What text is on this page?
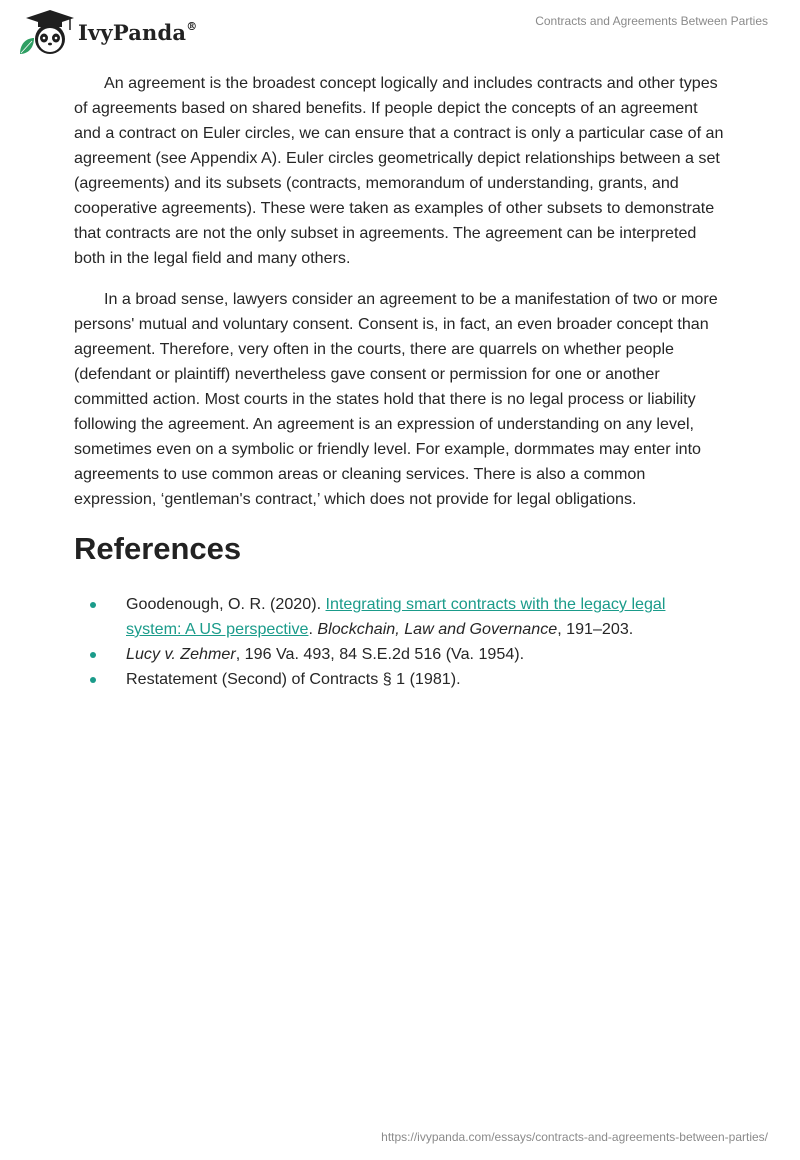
IvyPanda®	Contracts and Agreements Between Parties

An agreement is the broadest concept logically and includes contracts and other types of agreements based on shared benefits. If people depict the concepts of an agreement and a contract on Euler circles, we can ensure that a contract is only a particular case of an agreement (see Appendix A). Euler circles geometrically depict relationships between a set (agreements) and its subsets (contracts, memorandum of understanding, grants, and cooperative agreements). These were taken as examples of other subsets to demonstrate that contracts are not the only subset in agreements. The agreement can be interpreted both in the legal field and many others.

In a broad sense, lawyers consider an agreement to be a manifestation of two or more persons' mutual and voluntary consent. Consent is, in fact, an even broader concept than agreement. Therefore, very often in the courts, there are quarrels on whether people (defendant or plaintiff) nevertheless gave consent or permission for one or another committed action. Most courts in the states hold that there is no legal process or liability following the agreement. An agreement is an expression of understanding on any level, sometimes even on a symbolic or friendly level. For example, dormmates may enter into agreements to use common areas or cleaning services. There is also a common expression, ‘gentleman's contract,’ which does not provide for legal obligations.

References
Goodenough, O. R. (2020). Integrating smart contracts with the legacy legal system: A US perspective. Blockchain, Law and Governance, 191–203.
Lucy v. Zehmer, 196 Va. 493, 84 S.E.2d 516 (Va. 1954).
Restatement (Second) of Contracts § 1 (1981).
https://ivypanda.com/essays/contracts-and-agreements-between-parties/
